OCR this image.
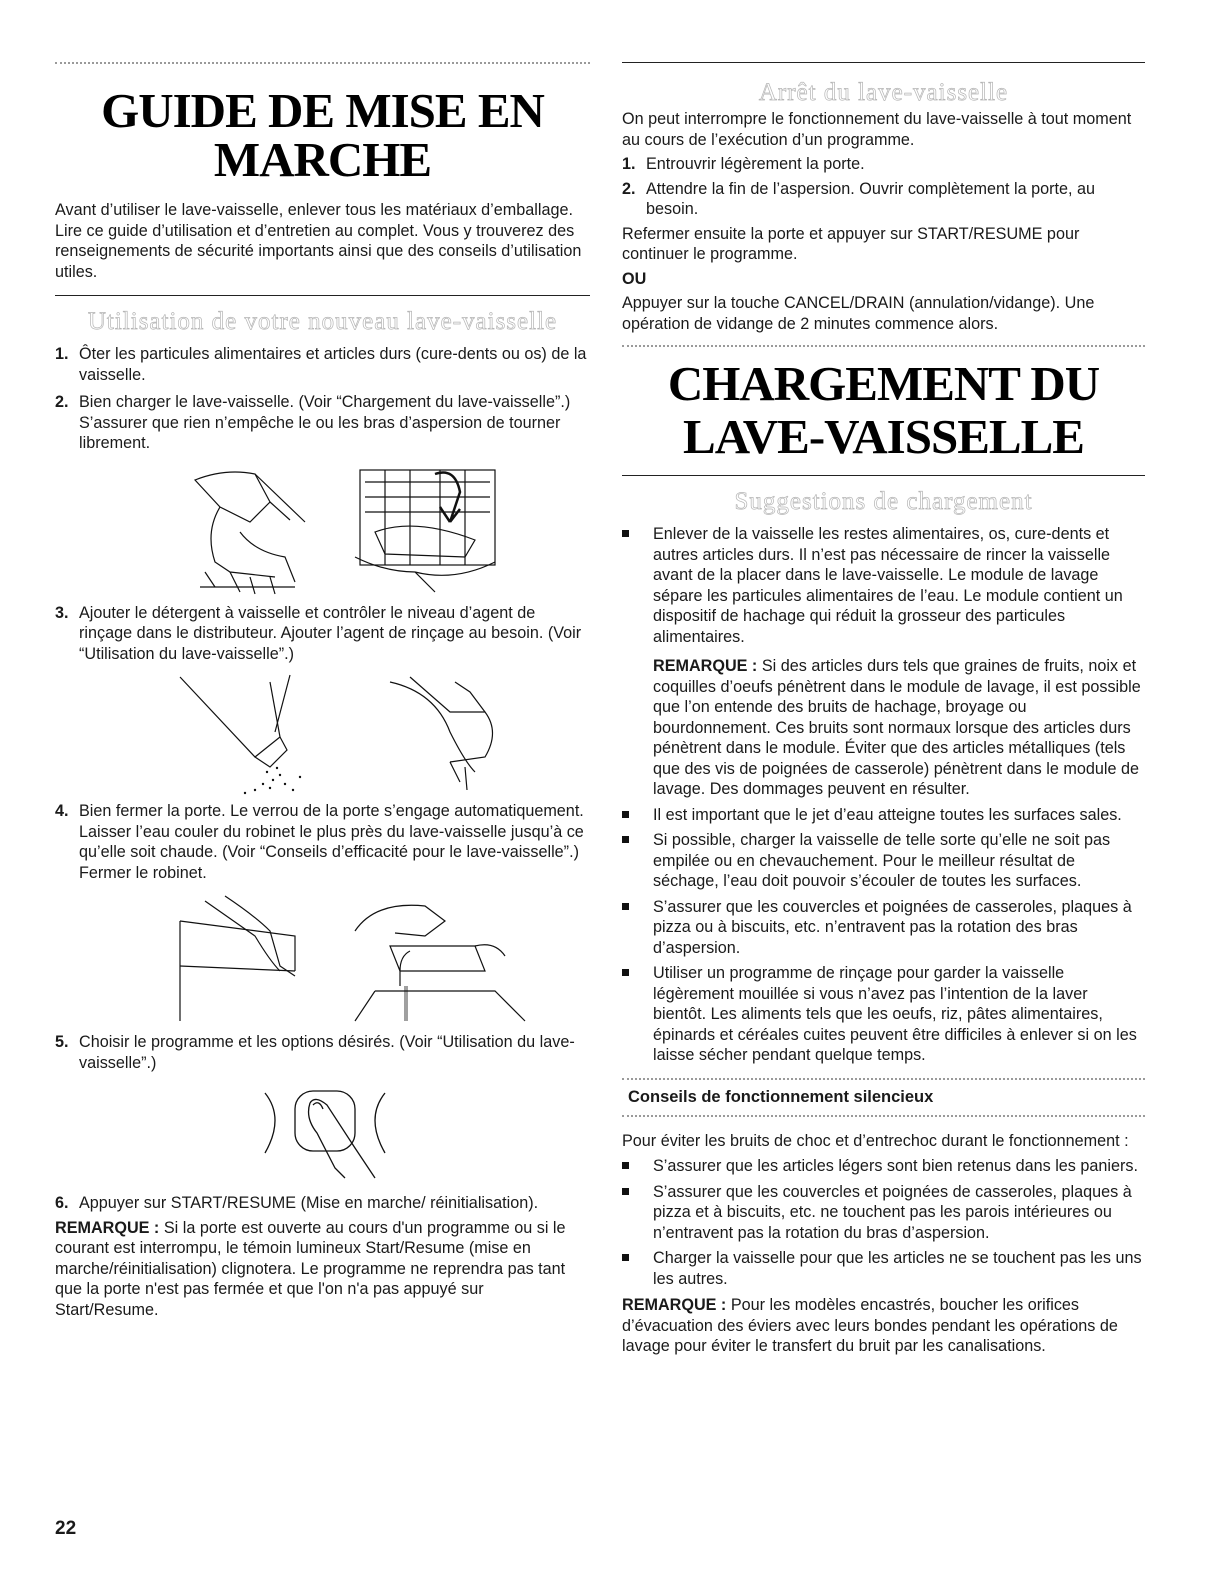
GUIDE DE MISE EN MARCHE

Avant d’utiliser le lave-vaisselle, enlever tous les matériaux d’emballage. Lire ce guide d’utilisation et d’entretien au complet. Vous y trouverez des renseignements de sécurité importants ainsi que des conseils d’utilisation utiles.

Utilisation de votre nouveau lave-vaisselle

1. Ôter les particules alimentaires et articles durs (cure-dents ou os) de la vaisselle.
2. Bien charger le lave-vaisselle. (Voir “Chargement du lave-vaisselle”.) S’assurer que rien n’empêche le ou les bras d’aspersion de tourner librement.
3. Ajouter le détergent à vaisselle et contrôler le niveau d’agent de rinçage dans le distributeur. Ajouter l’agent de rinçage au besoin. (Voir “Utilisation du lave-vaisselle”.)
4. Bien fermer la porte. Le verrou de la porte s’engage automatiquement. Laisser l’eau couler du robinet le plus près du lave-vaisselle jusqu’à ce qu’elle soit chaude. (Voir “Conseils d’efficacité pour le lave-vaisselle”.) Fermer le robinet.
5. Choisir le programme et les options désirés. (Voir “Utilisation du lave-vaisselle”.)
6. Appuyer sur START/RESUME (Mise en marche/ réinitialisation).

REMARQUE : Si la porte est ouverte au cours d'un programme ou si le courant est interrompu, le témoin lumineux Start/Resume (mise en marche/réinitialisation) clignotera. Le programme ne reprendra pas tant que la porte n'est pas fermée et que l'on n'a pas appuyé sur Start/Resume.

Arrêt du lave-vaisselle

On peut interrompre le fonctionnement du lave-vaisselle à tout moment au cours de l’exécution d’un programme.

1. Entrouvrir légèrement la porte.
2. Attendre la fin de l’aspersion. Ouvrir complètement la porte, au besoin.

Refermer ensuite la porte et appuyer sur START/RESUME pour continuer le programme.

OU

Appuyer sur la touche CANCEL/DRAIN (annulation/vidange). Une opération de vidange de 2 minutes commence alors.

CHARGEMENT DU
LAVE-VAISSELLE

Suggestions de chargement

Enlever de la vaisselle les restes alimentaires, os, cure-dents et autres articles durs. Il n’est pas nécessaire de rincer la vaisselle avant de la placer dans le lave-vaisselle. Le module de lavage sépare les particules alimentaires de l’eau. Le module contient un dispositif de hachage qui réduit la grosseur des particules alimentaires.

REMARQUE : Si des articles durs tels que graines de fruits, noix et coquilles d’oeufs pénètrent dans le module de lavage, il est possible que l’on entende des bruits de hachage, broyage ou bourdonnement. Ces bruits sont normaux lorsque des articles durs pénètrent dans le module. Éviter que des articles métalliques (tels que des vis de poignées de casserole) pénètrent dans le module de lavage. Des dommages peuvent en résulter.

Il est important que le jet d’eau atteigne toutes les surfaces sales.
Si possible, charger la vaisselle de telle sorte qu’elle ne soit pas empilée ou en chevauchement. Pour le meilleur résultat de séchage, l’eau doit pouvoir s’écouler de toutes les surfaces.
S’assurer que les couvercles et poignées de casseroles, plaques à pizza ou à biscuits, etc. n’entravent pas la rotation des bras d’aspersion.
Utiliser un programme de rinçage pour garder la vaisselle légèrement mouillée si vous n’avez pas l’intention de la laver bientôt. Les aliments tels que les oeufs, riz, pâtes alimentaires, épinards et céréales cuites peuvent être difficiles à enlever si on les laisse sécher pendant quelque temps.

Conseils de fonctionnement silencieux

Pour éviter les bruits de choc et d’entrechoc durant le fonctionnement :

S’assurer que les articles légers sont bien retenus dans les paniers.
S’assurer que les couvercles et poignées de casseroles, plaques à pizza et à biscuits, etc. ne touchent pas les parois intérieures ou n’entravent pas la rotation du bras d’aspersion.
Charger la vaisselle pour que les articles ne se touchent pas les uns les autres.

REMARQUE : Pour les modèles encastrés, boucher les orifices d’évacuation des éviers avec leurs bondes pendant les opérations de lavage pour éviter le transfert du bruit par les canalisations.

22
